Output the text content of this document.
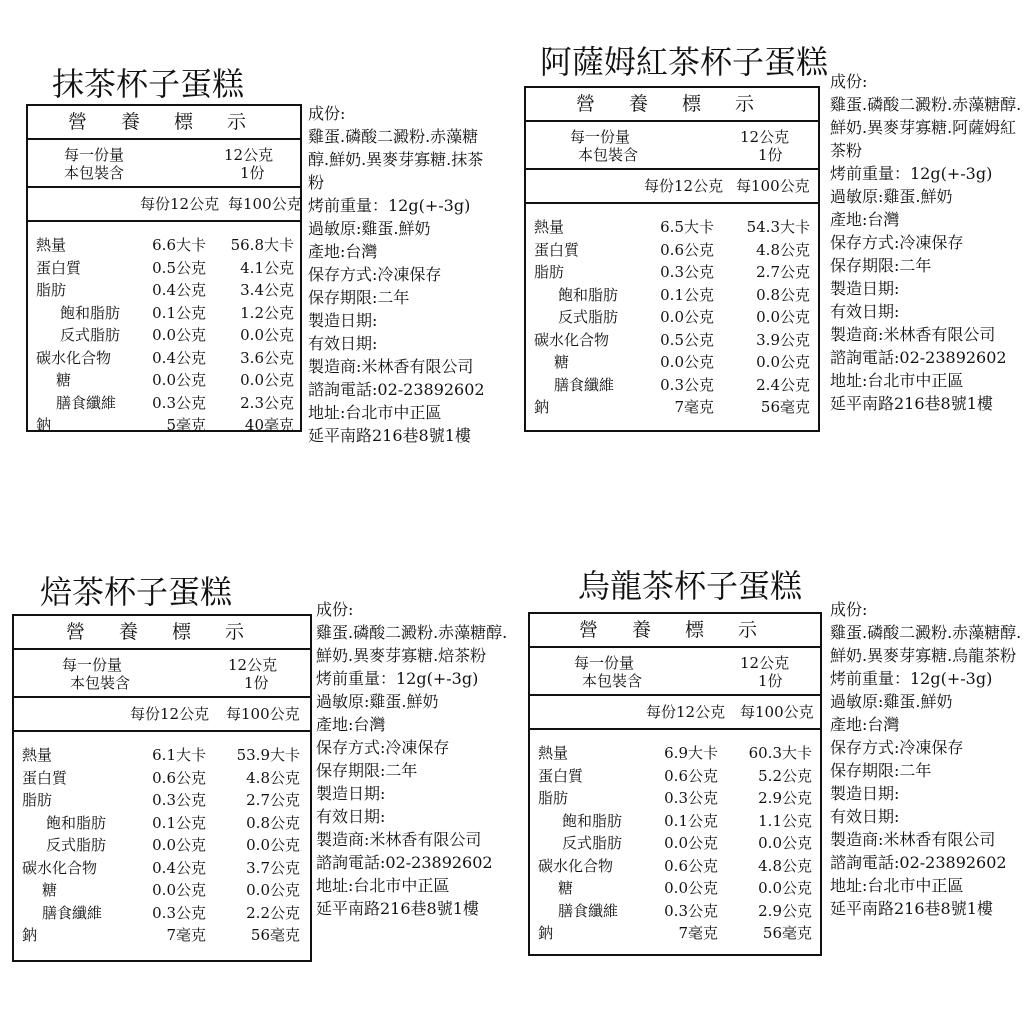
抹茶杯子蛋糕
營 養 標 示
每一份量	12公克
本包裝含	1份
每份12公克 每100公克
熱量	6.6大卡 56.8大卡
蛋白質	0.5公克 4.1公克
脂肪	0.4公克 3.4公克
飽和脂肪 0.1公克 1.2公克
反式脂肪 0.0公克 0.0公克
碳水化合物	0.4公克 3.6公克
糖	0.0公克 0.0公克
膳食纖維 0.3公克 2.3公克
鈉	5毫克	40毫克
成份:
雞蛋.磷酸二澱粉.赤藻糖醇.鮮奶.異麥芽寡糖.抹茶粉
烤前重量：12g(+-3g)
過敏原:雞蛋.鮮奶
產地:台灣
保存方式:冷凍保存
保存期限:二年
製造日期:
有效日期:
製造商:米林香有限公司
諮詢電話:02-23892602
地址:台北市中正區
延平南路216巷8號1樓
阿薩姆紅茶杯子蛋糕
營 養 標 示
每一份量	12公克
本包裝含	1份
每份12公克 每100公克
熱量	6.5大卡 54.3大卡
蛋白質	0.6公克	4.8公克
脂肪	0.3公克	2.7公克
飽和脂肪	0.1公克	0.8公克
反式脂肪	0.0公克	0.0公克
碳水化合物	0.5公克	3.9公克
糖	0.0公克	0.0公克
膳食纖維	0.3公克	2.4公克
鈉	7毫克	56毫克
成份:
雞蛋.磷酸二澱粉.赤藻糖醇.鮮奶.異麥芽寡糖.阿薩姆紅茶粉
烤前重量：12g(+-3g)
過敏原:雞蛋.鮮奶
產地:台灣
保存方式:冷凍保存
保存期限:二年
製造日期:
有效日期:
製造商:米林香有限公司
諮詢電話:02-23892602
地址:台北市中正區
延平南路216巷8號1樓
焙茶杯子蛋糕
營 養 標 示
每一份量	12公克
本包裝含	1份
每份12公克 每100公克
熱量	6.1大卡 53.9大卡
蛋白質	0.6公克	4.8公克
脂肪	0.3公克	2.7公克
飽和脂肪	0.1公克	0.8公克
反式脂肪	0.0公克	0.0公克
碳水化合物	0.4公克	3.7公克
糖	0.0公克	0.0公克
膳食纖維	0.3公克	2.2公克
鈉	7毫克	56毫克
成份:
雞蛋.磷酸二澱粉.赤藻糖醇.鮮奶.異麥芽寡糖.焙茶粉
烤前重量：12g(+-3g)
過敏原:雞蛋.鮮奶
產地:台灣
保存方式:冷凍保存
保存期限:二年
製造日期:
有效日期:
製造商:米林香有限公司
諮詢電話:02-23892602
地址:台北市中正區
延平南路216巷8號1樓
烏龍茶杯子蛋糕
營 養 標 示
每一份量	12公克
本包裝含	1份
每份12公克 每100公克
熱量	6.9大卡 60.3大卡
蛋白質	0.6公克	5.2公克
脂肪	0.3公克	2.9公克
飽和脂肪	0.1公克	1.1公克
反式脂肪	0.0公克	0.0公克
碳水化合物	0.6公克	4.8公克
糖	0.0公克	0.0公克
膳食纖維	0.3公克	2.9公克
鈉	7毫克	56毫克
成份:
雞蛋.磷酸二澱粉.赤藻糖醇.鮮奶.異麥芽寡糖.烏龍茶粉
烤前重量：12g(+-3g)
過敏原:雞蛋.鮮奶
產地:台灣
保存方式:冷凍保存
保存期限:二年
製造日期:
有效日期:
製造商:米林香有限公司
諮詢電話:02-23892602
地址:台北市中正區
延平南路216巷8號1樓
